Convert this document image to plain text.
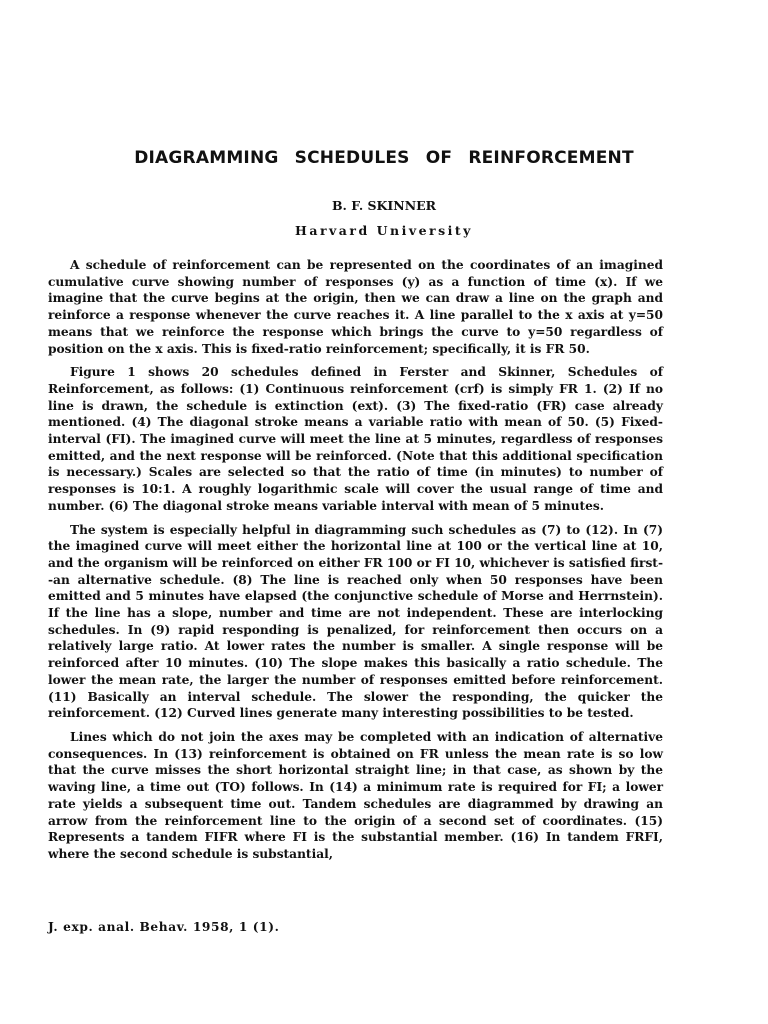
DIAGRAMMING SCHEDULES OF REINFORCEMENT

B. F. SKINNER

Harvard University

A schedule of reinforcement can be represented on the coordinates of an imagined cumulative curve showing number of responses (y) as a function of time (x). If we imagine that the curve begins at the origin, then we can draw a line on the graph and reinforce a response whenever the curve reaches it. A line parallel to the x axis at y=50 means that we reinforce the response which brings the curve to y=50 regardless of position on the x axis. This is fixed-ratio reinforcement; specifically, it is FR 50.

Figure 1 shows 20 schedules defined in Ferster and Skinner, Schedules of Reinforcement, as follows: (1) Continuous reinforcement (crf) is simply FR 1. (2) If no line is drawn, the schedule is extinction (ext). (3) The fixed-ratio (FR) case already mentioned. (4) The diagonal stroke means a variable ratio with mean of 50. (5) Fixed-interval (FI). The imagined curve will meet the line at 5 minutes, regardless of responses emitted, and the next response will be reinforced. (Note that this additional specification is necessary.) Scales are selected so that the ratio of time (in minutes) to number of responses is 10:1. A roughly logarithmic scale will cover the usual range of time and number. (6) The diagonal stroke means variable interval with mean of 5 minutes.

The system is especially helpful in diagramming such schedules as (7) to (12). In (7) the imagined curve will meet either the horizontal line at 100 or the vertical line at 10, and the organism will be reinforced on either FR 100 or FI 10, whichever is satisfied first--an alternative schedule. (8) The line is reached only when 50 responses have been emitted and 5 minutes have elapsed (the conjunctive schedule of Morse and Herrnstein). If the line has a slope, number and time are not independent. These are interlocking schedules. In (9) rapid responding is penalized, for reinforcement then occurs on a relatively large ratio. At lower rates the number is smaller. A single response will be reinforced after 10 minutes. (10) The slope makes this basically a ratio schedule. The lower the mean rate, the larger the number of responses emitted before reinforcement. (11) Basically an interval schedule. The slower the responding, the quicker the reinforcement. (12) Curved lines generate many interesting possibilities to be tested.

Lines which do not join the axes may be completed with an indication of alternative consequences. In (13) reinforcement is obtained on FR unless the mean rate is so low that the curve misses the short horizontal straight line; in that case, as shown by the waving line, a time out (TO) follows. In (14) a minimum rate is required for FI; a lower rate yields a subsequent time out. Tandem schedules are diagrammed by drawing an arrow from the reinforcement line to the origin of a second set of coordinates. (15) Represents a tandem FIFR where FI is the substantial member. (16) In tandem FRFI, where the second schedule is substantial,

J. exp. anal. Behav. 1958, 1 (1).
